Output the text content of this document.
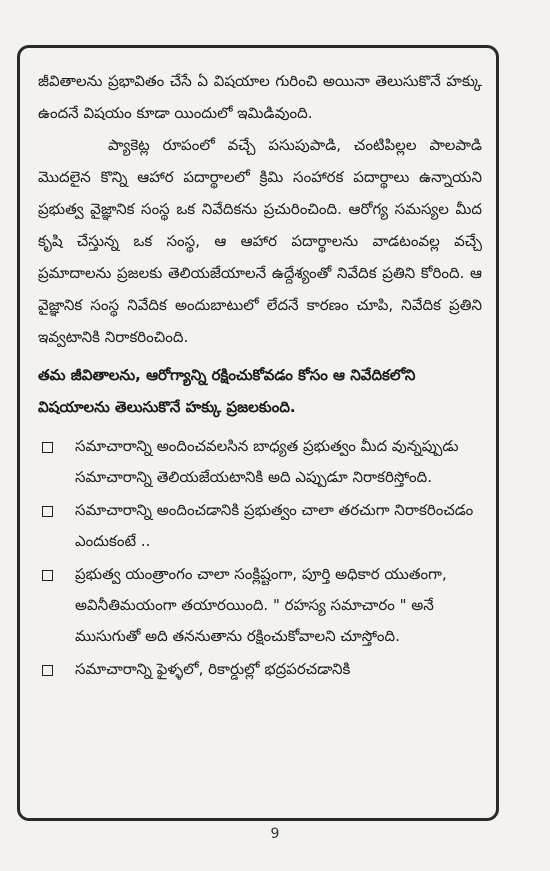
జీవితాలను ప్రభావితం చేసే ఏ విషయాల గురించి అయినా తెలుసుకొనే హక్కు ఉందనే విషయం కూడా యిందులో ఇమిడివుంది.

ప్యాకెట్ల రూపంలో వచ్చే పసుపుపాడి, చంటిపిల్లల పాలపాడి మొదలైన కొన్ని ఆహార పదార్థాలలో క్రిమి సంహారక పదార్థాలు ఉన్నాయని ప్రభుత్వ వైజ్ఞానిక సంస్థ ఒక నివేదికను ప్రచురించింది. ఆరోగ్య సమస్యల మీద కృషి చేస్తున్న ఒక సంస్థ, ఆ ఆహార పదార్థాలను వాడటంవల్ల వచ్చే ప్రమాదాలను ప్రజలకు తెలియజేయాలనే ఉద్దేశ్యంతో నివేదిక ప్రతిని కోరింది. ఆ వైజ్ఞానిక సంస్థ నివేదిక అందుబాటులో లేదనే కారణం చూపి, నివేదిక ప్రతిని ఇవ్వటానికి నిరాకరించింది.

తమ జీవితాలను, ఆరోగ్యాన్ని రక్షించుకోవడం కోసం ఆ నివేదికలోని విషయాలను తెలుసుకొనే హక్కు ప్రజలకుంది.

సమాచారాన్ని అందించవలసిన బాధ్యత ప్రభుత్వం మీద వున్నప్పుడు సమాచారాన్ని తెలియజేయటానికి అది ఎప్పుడూ నిరాకరిస్తోంది.
సమాచారాన్ని అందించడానికి ప్రభుత్వం చాలా తరచుగా నిరాకరించడం ఎందుకంటే ..
ప్రభుత్వ యంత్రాంగం చాలా సంక్లిష్టంగా, పూర్తి అధికార యుతంగా, అవినీతిమయంగా తయారయింది. " రహస్య సమాచారం " అనే ముసుగుతో అది తననుతాను రక్షించుకోవాలని చూస్తోంది.
సమాచారాన్ని ఫైళ్ళలో, రికార్డుల్లో భద్రపరచడానికి
9
